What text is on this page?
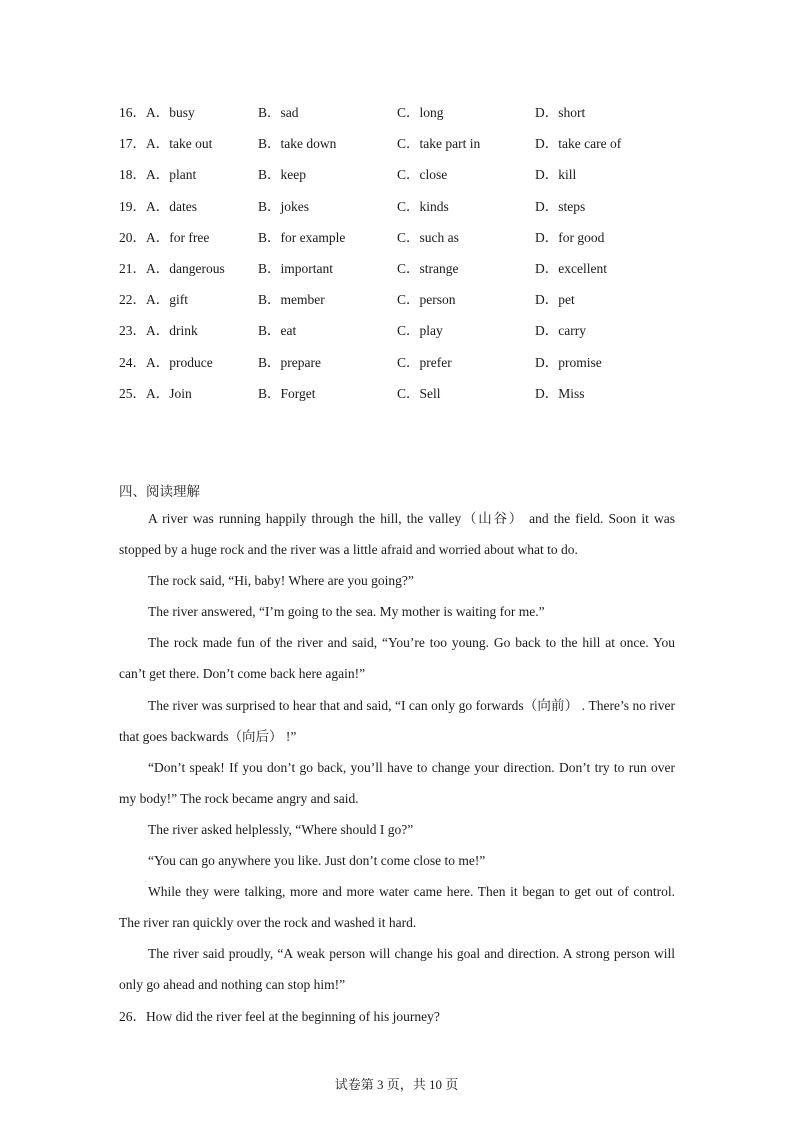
16．A．busy	B．sad	C．long	D．short
17．A．take out	B．take down	C．take part in	D．take care of
18．A．plant	B．keep	C．close	D．kill
19．A．dates	B．jokes	C．kinds	D．steps
20．A．for free	B．for example	C．such as	D．for good
21．A．dangerous B．important	C．strange	D．excellent
22．A．gift	B．member	C．person	D．pet
23．A．drink	B．eat	C．play	D．carry
24．A．produce	B．prepare	C．prefer	D．promise
25．A．Join	B．Forget	C．Sell	D．Miss
四、阅读理解

A river was running happily through the hill, the valley（山谷） and the field. Soon it was stopped by a huge rock and the river was a little afraid and worried about what to do.

The rock said, “Hi, baby! Where are you going?”

The river answered, “I’m going to the sea. My mother is waiting for me.”

The rock made fun of the river and said, “You’re too young. Go back to the hill at once. You can’t get there. Don’t come back here again!”

The river was surprised to hear that and said, “I can only go forwards（向前） . There’s no river that goes backwards（向后） !”

“Don’t speak! If you don’t go back, you’ll have to change your direction. Don’t try to run over my body!” The rock became angry and said.

The river asked helplessly, “Where should I go?”

“You can go anywhere you like. Just don’t come close to me!”

While they were talking, more and more water came here. Then it began to get out of control. The river ran quickly over the rock and washed it hard.

The river said proudly, “A weak person will change his goal and direction. A strong person will only go ahead and nothing can stop him!”

26．How did the river feel at the beginning of his journey?

试卷第 3 页，共 10 页
